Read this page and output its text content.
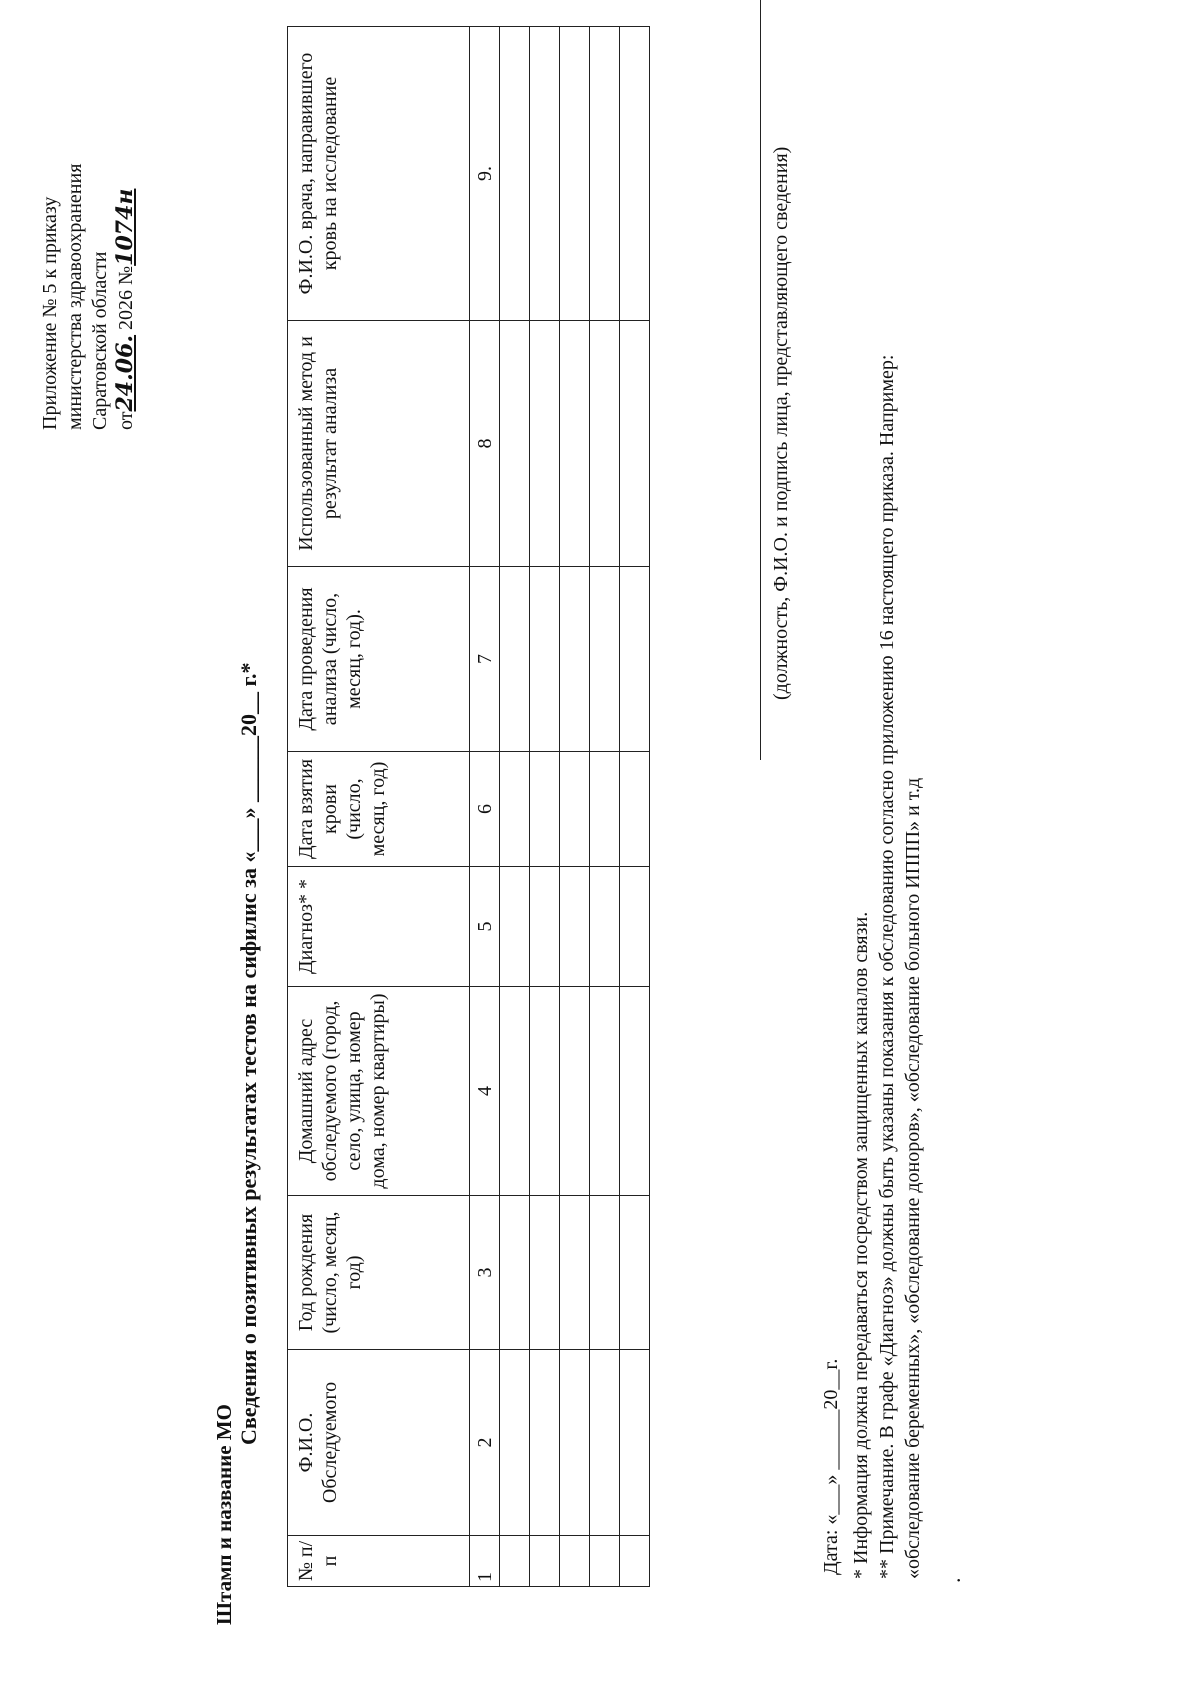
Приложение № 5 к приказу министерства здравоохранения Саратовской области от24.06. 2026 №1074н
Штамп и название МО
Сведения о позитивных результатах тестов на сифилис за «___» ______20__ г.*
№ п/п	Ф.И.О. Обследуемого	Год рождения (число, месяц, год)	Домашний адрес обследуемого (город, село, улица, номер дома, номер квартиры)	Диагноз* *	Дата взятия крови (число, месяц, год)	Дата проведения анализа (число, месяц, год).	Использованный метод и результат анализа	Ф.И.О. врача, направившего кровь на исследование
1	2	3	4	5	6	7	8	9.

									(должность, Ф.И.О. и подпись лица, представляющего сведения)
Дата: «___» ______20__г. * Информация должна передаваться посредством защищенных каналов связи. ** Примечание. В графе «Диагноз» должны быть указаны показания к обследованию согласно приложению 16 настоящего приказа. Например: «обследование беременных», «обследование доноров», «обследование больного ИППП» и т.д
.
